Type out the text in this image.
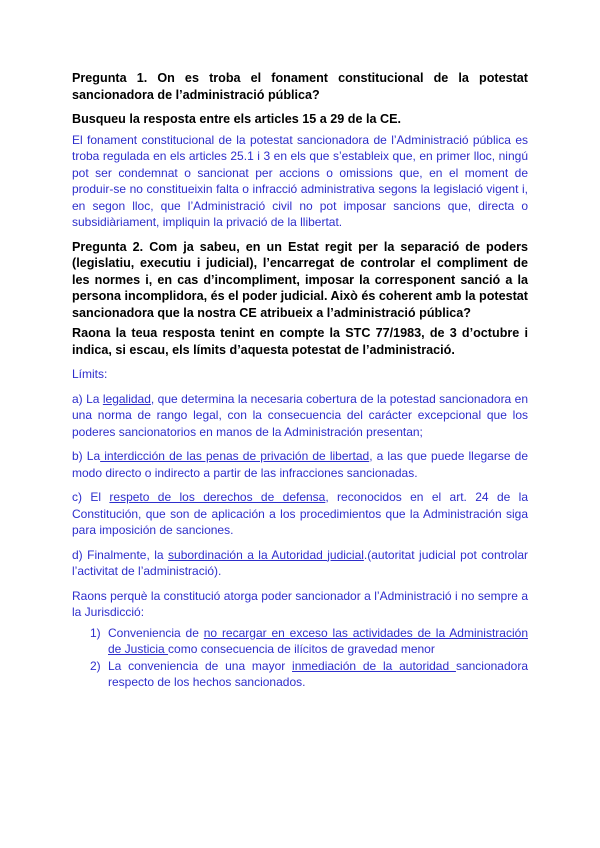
Pregunta 1. On es troba el fonament constitucional de la potestat sancionadora de l’administració pública?

Busqueu la resposta entre els articles 15 a 29 de la CE.

El fonament constitucional de la potestat sancionadora de l’Administració pública es troba regulada en els articles 25.1 i 3 en els que s’estableix que, en primer lloc, ningú pot ser condemnat o sancionat per accions o omissions que, en el moment de produir-se no constitueixin falta o infracció administrativa segons la legislació vigent i, en segon lloc, que l’Administració civil no pot imposar sancions que, directa o subsidiàriament, impliquin la privació de la llibertat.

Pregunta 2. Com ja sabeu, en un Estat regit per la separació de poders (legislatiu, executiu i judicial), l’encarregat de controlar el compliment de les normes i, en cas d’incompliment, imposar la corresponent sanció a la persona incomplidora, és el poder judicial. Això és coherent amb la potestat sancionadora que la nostra CE atribueix a l’administració pública?

Raona la teua resposta tenint en compte la STC 77/1983, de 3 d’octubre i indica, si escau, els límits d’aquesta potestat de l’administració.

Límits:

a) La legalidad, que determina la necesaria cobertura de la potestad sancionadora en una norma de rango legal, con la consecuencia del carácter excepcional que los poderes sancionatorios en manos de la Administración presentan;

b) La interdicción de las penas de privación de libertad, a las que puede llegarse de modo directo o indirecto a partir de las infracciones sancionadas.

c) El respeto de los derechos de defensa, reconocidos en el art. 24 de la Constitución, que son de aplicación a los procedimientos que la Administración siga para imposición de sanciones.

d) Finalmente, la subordinación a la Autoridad judicial.(autoritat judicial pot controlar l’activitat de l’administració).

Raons perquè la constitució atorga poder sancionador a l’Administració i no sempre a la Jurisdicció:

1) Conveniencia de no recargar en exceso las actividades de la Administración de Justicia como consecuencia de ilícitos de gravedad menor
2) La conveniencia de una mayor inmediación de la autoridad sancionadora respecto de los hechos sancionados.
